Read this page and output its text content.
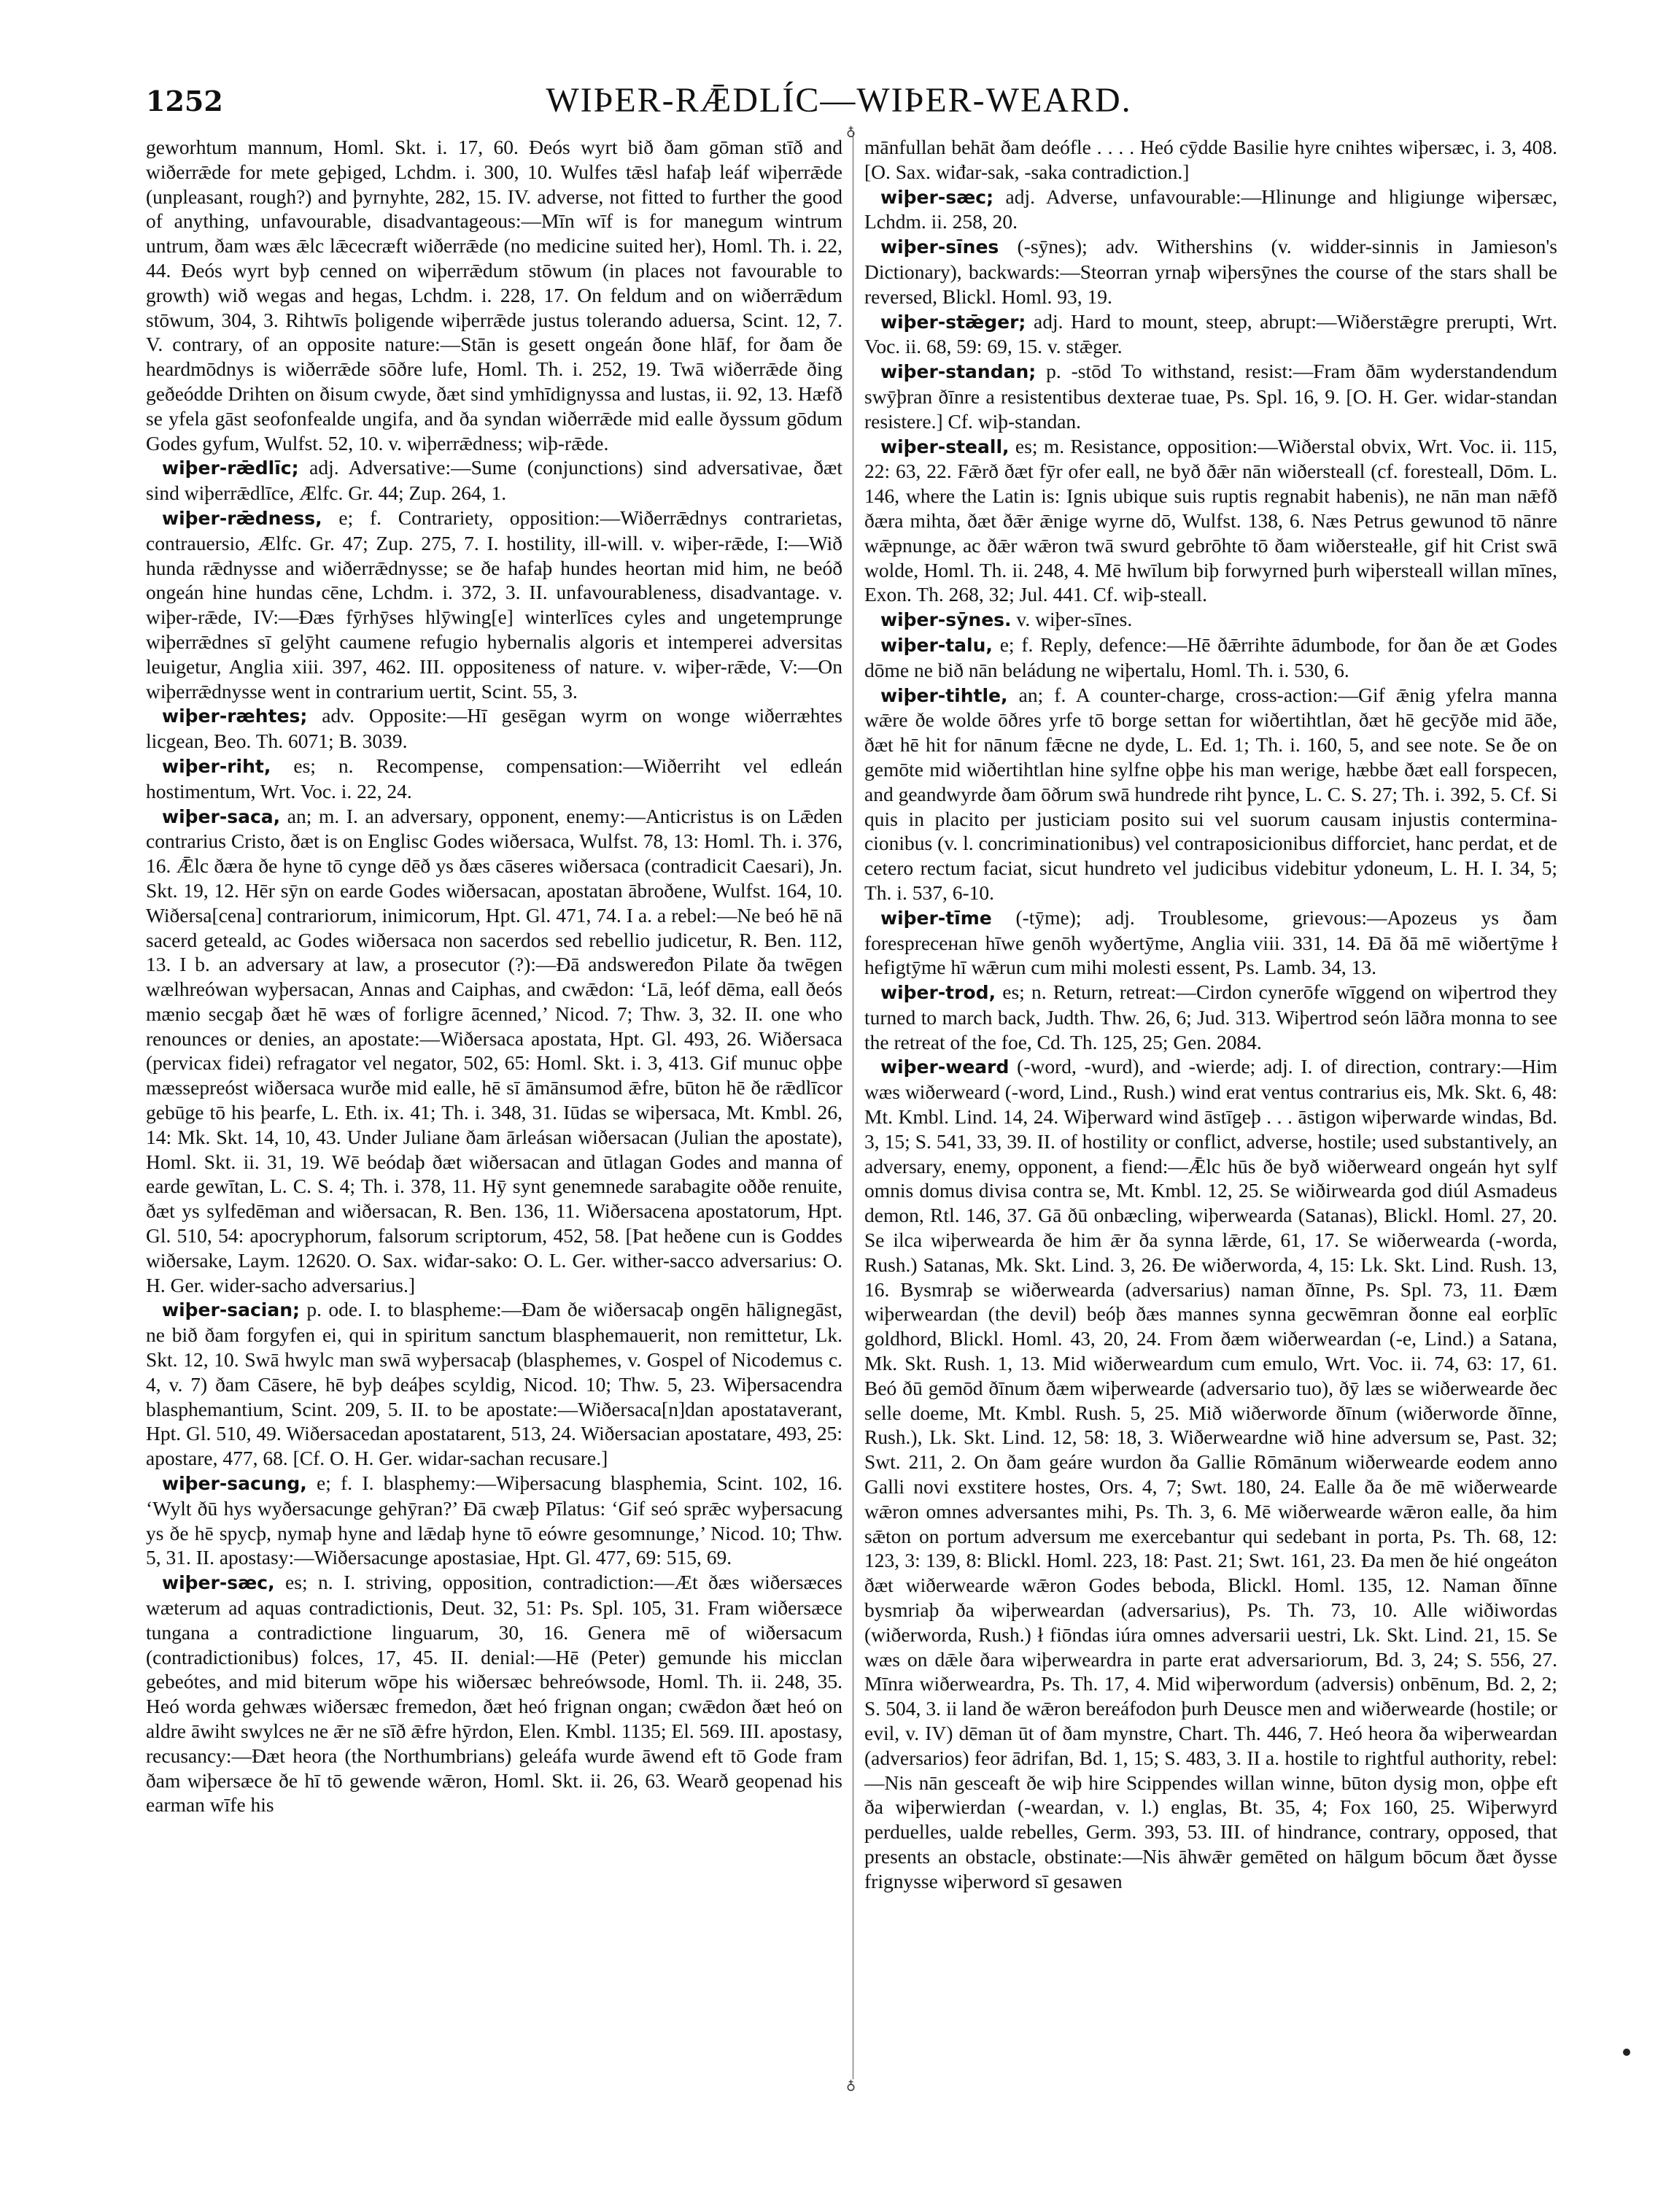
1252	WIÞER-RǢDLÍC—WIÞER-WEARD.
♁
♁

geworhtum mannum, Homl. Skt. i. 17, 60. Ðeós wyrt bið ðam gōman stīð and wiðerrǣde for mete geþiged, Lchdm. i. 300, 10. Wulfes tǣsl hafaþ leáf wiþerrǣde (unpleasant, rough?) and þyrnyhte, 282, 15. IV. adverse, not fitted to further the good of anything, unfavourable, disadvantageous:—Mīn wīf is for manegum wintrum untrum, ðam wæs ǣlc lǣcecræft wiðerrǣde (no medicine suited her), Homl. Th. i. 22, 44. Ðeós wyrt byþ cenned on wiþerrǣdum stōwum (in places not favourable to growth) wið wegas and hegas, Lchdm. i. 228, 17. On feldum and on wiðerrǣdum stōwum, 304, 3. Rihtwīs þoligende wiþerrǣde justus tolerando aduersa, Scint. 12, 7. V. contrary, of an opposite nature:—Stān is gesett ongeán ðone hlāf, for ðam ðe heardmōdnys is wiðerrǣde sōðre lufe, Homl. Th. i. 252, 19. Twā wiðerrǣde ðing geðeódde Drihten on ðisum cwyde, ðæt sind ymhīdignyssa and lustas, ii. 92, 13. Hæfð se yfela gāst seofonfealde ungifa, and ða syndan wiðerrǣde mid ealle ðyssum gōdum Godes gyfum, Wulfst. 52, 10. v. wiþerrǣdness; wiþ-rǣde.

wiþer-rǣdlīc; adj. Adversative:—Sume (conjunctions) sind adversativae, ðæt sind wiþerrǣdlīce, Ælfc. Gr. 44; Zup. 264, 1.

wiþer-rǣdness, e; f. Contrariety, opposition:—Wiðerrǣdnys contrarietas, contrauersio, Ælfc. Gr. 47; Zup. 275, 7. I. hostility, ill-will. v. wiþer-rǣde, I:—Wið hunda rǣdnysse and wiðerrǣdnysse; se ðe hafaþ hundes heortan mid him, ne beóð ongeán hine hundas cēne, Lchdm. i. 372, 3. II. unfavourableness, disadvantage. v. wiþer-rǣde, IV:—Ðæs fȳrhȳses hlȳwing[e] winterlīces cyles and ungetemprunge wiþerrǣdnes sī gelȳht caumene refugio hybernalis algoris et intemperei adversitas leuigetur, Anglia xiii. 397, 462. III. oppositeness of nature. v. wiþer-rǣde, V:—On wiþerrǣdnysse went in contrarium uertit, Scint. 55, 3.

wiþer-ræhtes; adv. Opposite:—Hī gesēgan wyrm on wonge wiðerræhtes licgean, Beo. Th. 6071; B. 3039.

wiþer-riht, es; n. Recompense, compensation:—Wiðerriht vel edleán hostimentum, Wrt. Voc. i. 22, 24.

wiþer-saca, an; m. I. an adversary, opponent, enemy:—Anticristus is on Lǣden contrarius Cristo, ðæt is on Englisc Godes wiðersaca, Wulfst. 78, 13: Homl. Th. i. 376, 16. Ǣlc ðæra ðe hyne tō cynge dēð ys ðæs cāseres wiðersaca (contradicit Caesari), Jn. Skt. 19, 12. Hēr sȳn on earde Godes wiðersacan, apostatan ābroðene, Wulfst. 164, 10. Wiðersa[cena] contrariorum, inimicorum, Hpt. Gl. 471, 74. I a. a rebel:—Ne beó hē nā sacerd geteald, ac Godes wiðersaca non sacerdos sed rebellio judicetur, R. Ben. 112, 13. I b. an adversary at law, a prosecutor (?):—Ðā andsweređon Pilate ða twēgen wælhreówan wyþersacan, Annas and Caiphas, and cwǣdon: ‘Lā, leóf dēma, eall ðeós mænio secgaþ ðæt hē wæs of forligre ācenned,’ Nicod. 7; Thw. 3, 32. II. one who renounces or denies, an apostate:—Wiðersaca apostata, Hpt. Gl. 493, 26. Wiðersaca (pervicax fidei) refragator vel negator, 502, 65: Homl. Skt. i. 3, 413. Gif munuc oþþe mæssepreóst wiðersaca wurðe mid ealle, hē sī āmānsumod ǣfre, būton hē ðe rǣdlīcor gebūge tō his þearfe, L. Eth. ix. 41; Th. i. 348, 31. Iūdas se wiþersaca, Mt. Kmbl. 26, 14: Mk. Skt. 14, 10, 43. Under Juliane ðam ārleásan wiðersacan (Julian the apostate), Homl. Skt. ii. 31, 19. Wē beódaþ ðæt wiðersacan and ūtlagan Godes and manna of earde gewītan, L. C. S. 4; Th. i. 378, 11. Hȳ synt genemnede sarabagite oððe renuite, ðæt ys sylfedēman and wiðersacan, R. Ben. 136, 11. Wiðersacena apostatorum, Hpt. Gl. 510, 54: apocryphorum, falsorum scriptorum, 452, 58. [Þat heðene cun is Goddes wiðersake, Laym. 12620. O. Sax. wiđar-sako: O. L. Ger. wither-sacco adversarius: O. H. Ger. wider-sacho adversarius.]

wiþer-sacian; p. ode. I. to blaspheme:—Ðam ðe wiðersacaþ ongēn hālignegāst, ne bið ðam forgyfen ei, qui in spiritum sanctum blasphemauerit, non remittetur, Lk. Skt. 12, 10. Swā hwylc man swā wyþersacaþ (blasphemes, v. Gospel of Nicodemus c. 4, v. 7) ðam Cāsere, hē byþ deáþes scyldig, Nicod. 10; Thw. 5, 23. Wiþersacendra blasphemantium, Scint. 209, 5. II. to be apostate:—Wiðersaca[n]dan apostataverant, Hpt. Gl. 510, 49. Wiðersacedan apostatarent, 513, 24. Wiðersacian apostatare, 493, 25: apostare, 477, 68. [Cf. O. H. Ger. widar-sachan recusare.]

wiþer-sacung, e; f. I. blasphemy:—Wiþersacung blasphemia, Scint. 102, 16. ‘Wylt ðū hys wyðersacunge gehȳran?’ Ðā cwæþ Pīlatus: ‘Gif seó sprǣc wyþersacung ys ðe hē spycþ, nymaþ hyne and lǣdaþ hyne tō eówre gesomnunge,’ Nicod. 10; Thw. 5, 31. II. apostasy:—Wiðersacunge apostasiae, Hpt. Gl. 477, 69: 515, 69.

wiþer-sæc, es; n. I. striving, opposition, contradiction:—Æt ðæs wiðersæces wæterum ad aquas contradictionis, Deut. 32, 51: Ps. Spl. 105, 31. Fram wiðersæce tungana a contradictione linguarum, 30, 16. Genera mē of wiðersacum (contradictionibus) folces, 17, 45. II. denial:—Hē (Peter) gemunde his micclan gebeótes, and mid biterum wōpe his wiðersæc behreówsode, Homl. Th. ii. 248, 35. Heó worda gehwæs wiðersæc fremedon, ðæt heó frignan ongan; cwǣdon ðæt heó on aldre āwiht swylces ne ǣr ne sīð ǣfre hȳrdon, Elen. Kmbl. 1135; El. 569. III. apostasy, recusancy:—Ðæt heora (the Northumbrians) geleáfa wurde āwend eft tō Gode fram ðam wiþersæce ðe hī tō gewende wǣron, Homl. Skt. ii. 26, 63. Wearð geopenad his earman wīfe his

mānfullan behāt ðam deófle . . . . Heó cȳdde Basilie hyre cnihtes wiþersæc, i. 3, 408. [O. Sax. wiđar-sak, -saka contradiction.]

wiþer-sæc; adj. Adverse, unfavourable:—Hlinunge and hligiunge wiþersæc, Lchdm. ii. 258, 20.

wiþer-sīnes (-sȳnes); adv. Withershins (v. widder-sinnis in Jamieson's Dictionary), backwards:—Steorran yrnaþ wiþersȳnes the course of the stars shall be reversed, Blickl. Homl. 93, 19.

wiþer-stǣger; adj. Hard to mount, steep, abrupt:—Wiðerstǣgre prerupti, Wrt. Voc. ii. 68, 59: 69, 15. v. stǣger.

wiþer-standan; p. -stōd To withstand, resist:—Fram ðām wyderstandendum swȳþran ðīnre a resistentibus dexterae tuae, Ps. Spl. 16, 9. [O. H. Ger. widar-standan resistere.] Cf. wiþ-standan.

wiþer-steall, es; m. Resistance, opposition:—Wiðerstal obvix, Wrt. Voc. ii. 115, 22: 63, 22. Fǣrð ðæt fȳr ofer eall, ne byð ðǣr nān wiðersteall (cf. foresteall, Dōm. L. 146, where the Latin is: Ignis ubique suis ruptis regnabit habenis), ne nān man nǣfð ðæra mihta, ðæt ðǣr ǣnige wyrne dō, Wulfst. 138, 6. Næs Petrus gewunod tō nānre wǣpnunge, ac ðǣr wǣron twā swurd gebrōhte tō ðam wiðersteałle, gif hit Crist swā wolde, Homl. Th. ii. 248, 4. Mē hwīlum biþ forwyrned þurh wiþersteall willan mīnes, Exon. Th. 268, 32; Jul. 441. Cf. wiþ-steall.

wiþer-sȳnes. v. wiþer-sīnes.

wiþer-talu, e; f. Reply, defence:—Hē ðǣrrihte ādumbode, for ðan ðe æt Godes dōme ne bið nān beládung ne wiþertalu, Homl. Th. i. 530, 6.

wiþer-tihtle, an; f. A counter-charge, cross-action:—Gif ǣnig yfelra manna wǣre ðe wolde ōðres yrfe tō borge settan for wiðertihtlan, ðæt hē gecȳðe mid āðe, ðæt hē hit for nānum fǣcne ne dyde, L. Ed. 1; Th. i. 160, 5, and see note. Se ðe on gemōte mid wiðertihtlan hine sylfne oþþe his man werige, hæbbe ðæt eall forspecen, and geandwyrde ðam ōðrum swā hundrede riht þynce, L. C. S. 27; Th. i. 392, 5. Cf. Si quis in placito per justiciam posito sui vel suorum causam injustis contermina-cionibus (v. l. concriminationibus) vel contraposicionibus difforciet, hanc perdat, et de cetero rectum faciat, sicut hundreto vel judicibus videbitur ydoneum, L. H. I. 34, 5; Th. i. 537, 6-10.

wiþer-tīme (-tȳme); adj. Troublesome, grievous:—Apozeus ys ðam forespreceнan hīwe genōh wyðertȳme, Anglia viii. 331, 14. Ðā ðā mē wiðertȳme ł hefigtȳme hī wǣrun cum mihi molesti essent, Ps. Lamb. 34, 13.

wiþer-trod, es; n. Return, retreat:—Cirdon cynerōfe wīggend on wiþertrod they turned to march back, Judth. Thw. 26, 6; Jud. 313. Wiþertrod seón lāðra monna to see the retreat of the foe, Cd. Th. 125, 25; Gen. 2084.

wiþer-weard (-word, -wurd), and -wierde; adj. I. of direction, contrary:—Him wæs wiðerweard (-word, Lind., Rush.) wind erat ventus contrarius eis, Mk. Skt. 6, 48: Mt. Kmbl. Lind. 14, 24. Wiþerward wind āstīgeþ . . . āstigon wiþerwarde windas, Bd. 3, 15; S. 541, 33, 39. II. of hostility or conflict, adverse, hostile; used substantively, an adversary, enemy, opponent, a fiend:—Ǣlc hūs ðe byð wiðerweard ongeán hyt sylf omnis domus divisa contra se, Mt. Kmbl. 12, 25. Se wiðirwearda god diúl Asmadeus demon, Rtl. 146, 37. Gā ðū onbæcling, wiþerwearda (Satanas), Blickl. Homl. 27, 20. Se ilca wiþerwearda ðe him ǣr ða synna lǣrde, 61, 17. Se wiðerwearda (-worda, Rush.) Satanas, Mk. Skt. Lind. 3, 26. Ðe wiðerworda, 4, 15: Lk. Skt. Lind. Rush. 13, 16. Bysmraþ se wiðerwearda (adversarius) naman ðīnne, Ps. Spl. 73, 11. Ðæm wiþerweardan (the devil) beóþ ðæs mannes synna gecwēmran ðonne eal eorþlīc goldhord, Blickl. Homl. 43, 20, 24. From ðæm wiðerweardan (-e, Lind.) a Satana, Mk. Skt. Rush. 1, 13. Mid wiðerweardum cum emulo, Wrt. Voc. ii. 74, 63: 17, 61. Beó ðū gemōd ðīnum ðæm wiþerwearde (adversario tuo), ðȳ læs se wiðerwearde ðec selle doeme, Mt. Kmbl. Rush. 5, 25. Mið wiðerworde ðīnum (wiðerworde ðīnne, Rush.), Lk. Skt. Lind. 12, 58: 18, 3. Wiðerweardne wið hine adversum se, Past. 32; Swt. 211, 2. On ðam geáre wurdon ða Gallie Rōmānum wiðerwearde eodem anno Galli novi exstitere hostes, Ors. 4, 7; Swt. 180, 24. Ealle ða ðe mē wiðerwearde wǣron omnes adversantes mihi, Ps. Th. 3, 6. Mē wiðerwearde wǣron ealle, ða him sǣton on portum adversum me exercebantur qui sedebant in porta, Ps. Th. 68, 12: 123, 3: 139, 8: Blickl. Homl. 223, 18: Past. 21; Swt. 161, 23. Ða men ðe hié ongeáton ðæt wiðerwearde wǣron Godes beboda, Blickl. Homl. 135, 12. Naman ðīnne bysmriaþ ða wiþerweardan (adversarius), Ps. Th. 73, 10. Alle wiðiwordas (wiðerworda, Rush.) ł fiōndas iúra omnes adversarii uestri, Lk. Skt. Lind. 21, 15. Se wæs on dǣle ðara wiþerweardra in parte erat adversariorum, Bd. 3, 24; S. 556, 27. Mīnra wiðerweardra, Ps. Th. 17, 4. Mid wiþerwordum (adversis) onbēnum, Bd. 2, 2; S. 504, 3. ii land ðe wǣron bereáfodon þurh Deusce men and wiðerwearde (hostile; or evil, v. IV) dēman ūt of ðam mynstre, Chart. Th. 446, 7. Heó heora ða wiþerweardan (adversarios) feor ādrifan, Bd. 1, 15; S. 483, 3. II a. hostile to rightful authority, rebel:—Nis nān gesceaft ðe wiþ hire Scippendes willan winne, būton dysig mon, oþþe eft ða wiþerwierdan (-weardan, v. l.) englas, Bt. 35, 4; Fox 160, 25. Wiþerwyrd perduelles, ualde rebelles, Germ. 393, 53. III. of hindrance, contrary, opposed, that presents an obstacle, obstinate:—Nis āhwǣr gemēted on hālgum bōcum ðæt ðysse frignysse wiþerword sī gesawen
